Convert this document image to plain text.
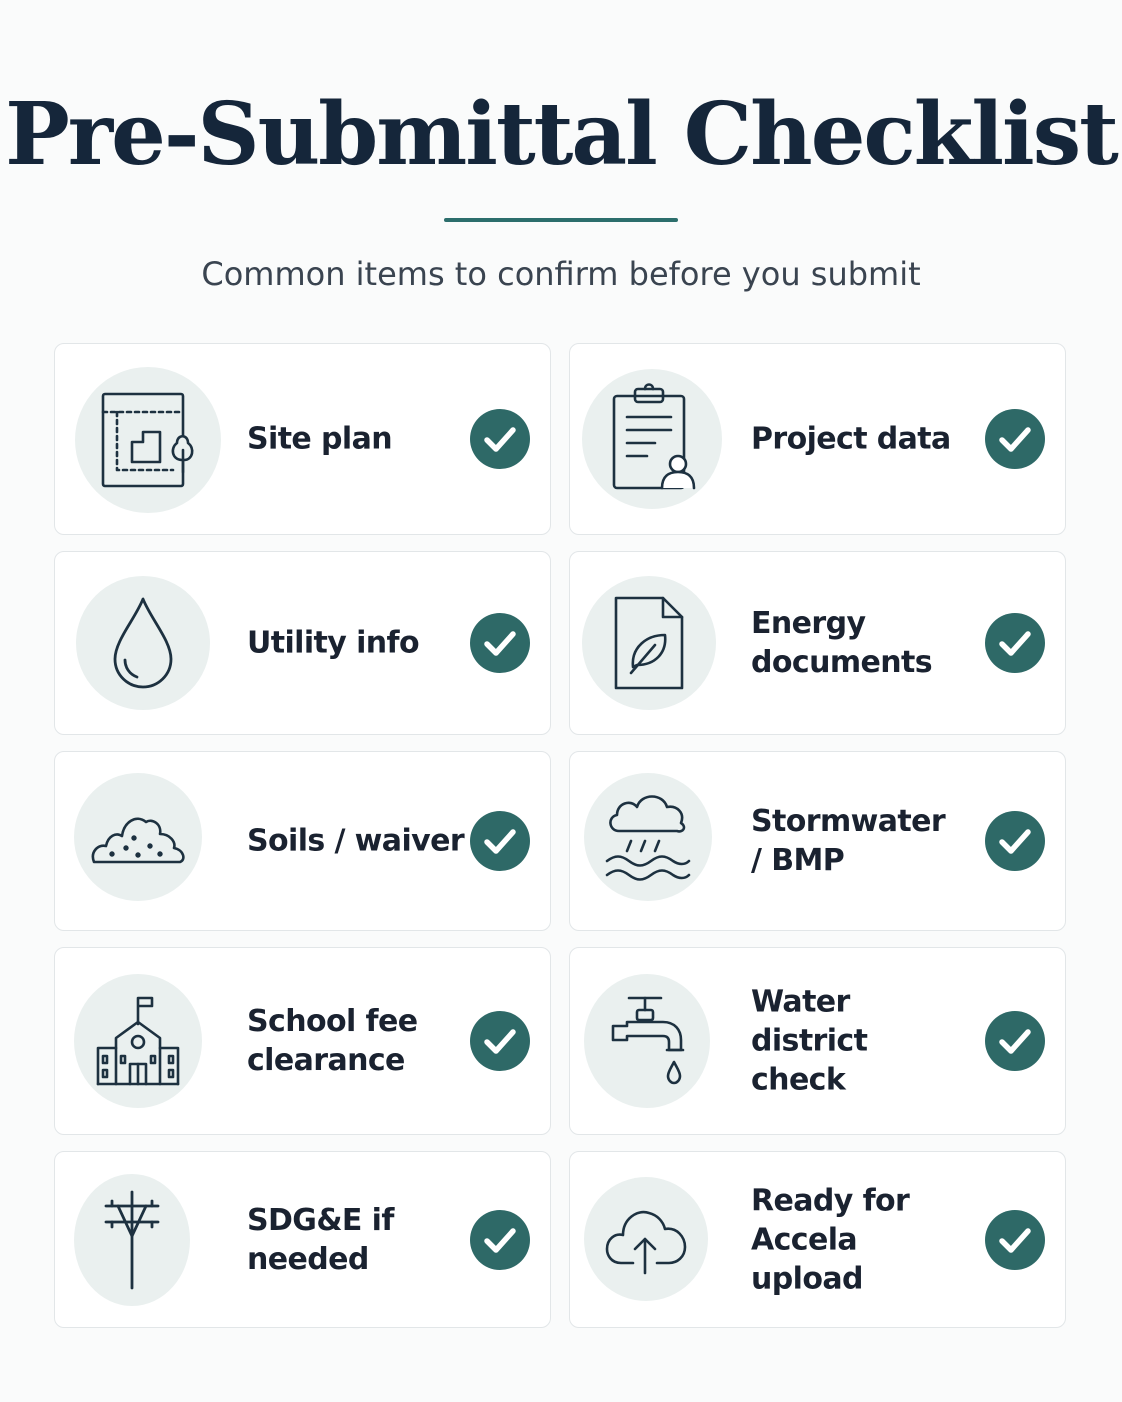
Pre-Submittal Checklist

Common items to confirm before you submit

Site plan	Project data
Utility info
Energy documents
Soils / waiver
Stormwater / BMP
School fee clearance
Water district check
SDG&E if needed
Ready for Accela upload
